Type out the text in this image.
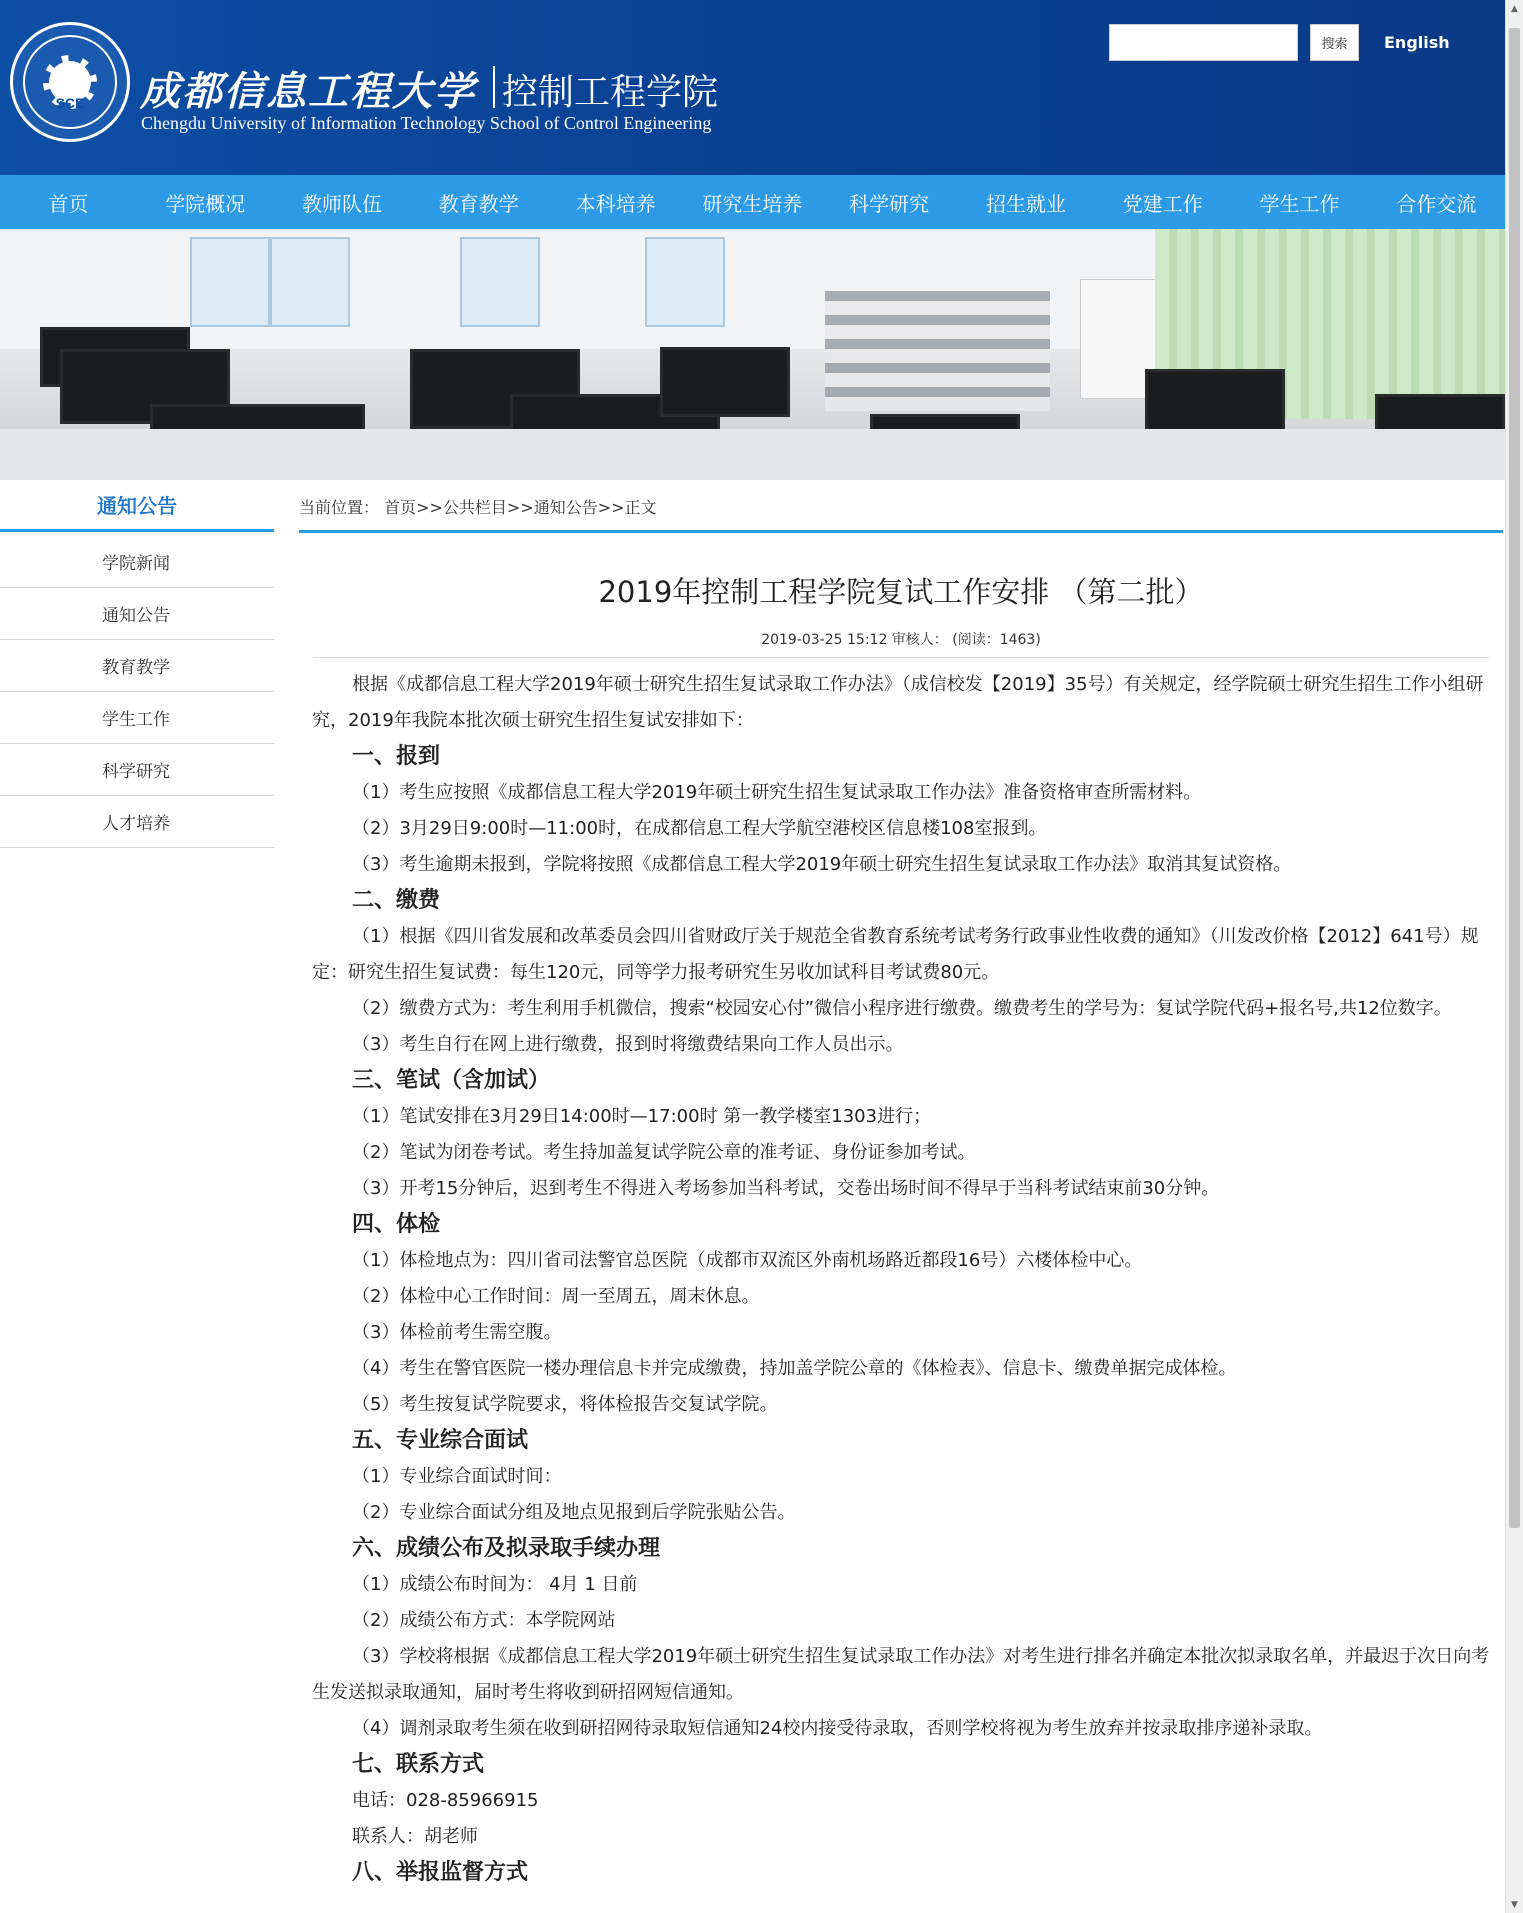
SCE	成都信息工程大学 控制工程学院
Chengdu University of Information Technology School of Control Engineering
搜索	English
首页	学院概况	教师队伍	教育教学	本科培养	研究生培养	科学研究	招生就业	党建工作	学生工作	合作交流
通知公告
学院新闻
通知公告
教育教学
学生工作
科学研究
人才培养
当前位置： 首页>>公共栏目>>通知公告>>正文
2019年控制工程学院复试工作安排 （第二批）
2019-03-25 15:12 审核人： (阅读：1463)

根据《成都信息工程大学2019年硕士研究生招生复试录取工作办法》（成信校发【2019】35号）有关规定，经学院硕士研究生招生工作小组研究，2019年我院本批次硕士研究生招生复试安排如下：

一、报到

（1）考生应按照《成都信息工程大学2019年硕士研究生招生复试录取工作办法》准备资格审查所需材料。

（2）3月29日9:00时—11:00时，在成都信息工程大学航空港校区信息楼108室报到。

（3）考生逾期未报到，学院将按照《成都信息工程大学2019年硕士研究生招生复试录取工作办法》取消其复试资格。

二、缴费

（1）根据《四川省发展和改革委员会四川省财政厅关于规范全省教育系统考试考务行政事业性收费的通知》（川发改价格【2012】641号）规定：研究生招生复试费：每生120元，同等学力报考研究生另收加试科目考试费80元。

（2）缴费方式为：考生利用手机微信，搜索“校园安心付”微信小程序进行缴费。缴费考生的学号为：复试学院代码+报名号,共12位数字。

（3）考生自行在网上进行缴费，报到时将缴费结果向工作人员出示。

三、笔试（含加试）

（1）笔试安排在3月29日14:00时—17:00时 第一教学楼室1303进行；

（2）笔试为闭卷考试。考生持加盖复试学院公章的准考证、身份证参加考试。

（3）开考15分钟后，迟到考生不得进入考场参加当科考试，交卷出场时间不得早于当科考试结束前30分钟。

四、体检

（1）体检地点为：四川省司法警官总医院（成都市双流区外南机场路近都段16号）六楼体检中心。

（2）体检中心工作时间：周一至周五，周末休息。

（3）体检前考生需空腹。

（4）考生在警官医院一楼办理信息卡并完成缴费，持加盖学院公章的《体检表》、信息卡、缴费单据完成体检。

（5）考生按复试学院要求，将体检报告交复试学院。

五、专业综合面试

（1）专业综合面试时间：

（2）专业综合面试分组及地点见报到后学院张贴公告。

六、成绩公布及拟录取手续办理

（1）成绩公布时间为： 4月 1 日前

（2）成绩公布方式：本学院网站

（3）学校将根据《成都信息工程大学2019年硕士研究生招生复试录取工作办法》对考生进行排名并确定本批次拟录取名单，并最迟于次日向考生发送拟录取通知，届时考生将收到研招网短信通知。

（4）调剂录取考生须在收到研招网待录取短信通知24校内接受待录取，否则学校将视为考生放弃并按录取排序递补录取。

七、联系方式

电话：028-85966915

联系人：胡老师

八、举报监督方式

▲
▼
